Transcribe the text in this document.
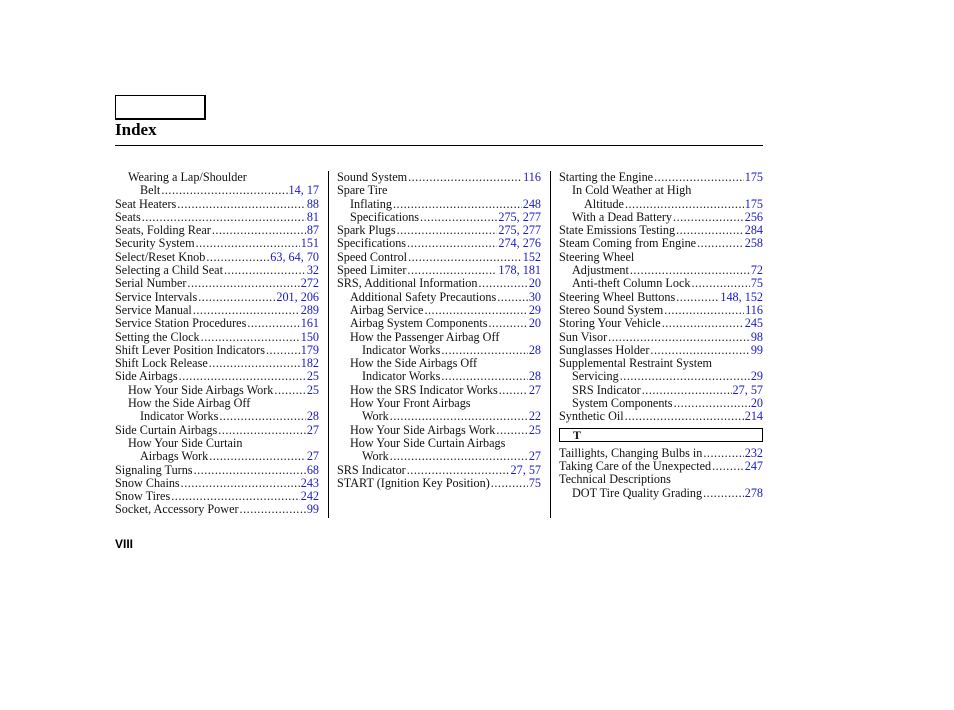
Index
Wearing a Lap/Shoulder
Belt .....	14, 17
Seat Heaters .....	88
Seats .....	81
Seats, Folding Rear .....	87
Security System .....	151
Select/Reset Knob .....	63, 64, 70
Selecting a Child Seat .....	32
Serial Number .....	272
Service Intervals .....	201, 206
Service Manual .....	289
Service Station Procedures .....	161
Setting the Clock .....	150
Shift Lever Position Indicators .....	179
Shift Lock Release .....	182
Side Airbags .....	25
How Your Side Airbags Work .....	25
How the Side Airbag Off
Indicator Works .....	28
Side Curtain Airbags .....	27
How Your Side Curtain
Airbags Work .....	27
Signaling Turns .....	68
Snow Chains .....	243
Snow Tires .....	242
Socket, Accessory Power .....	99
Sound System .....	116
Spare Tire
Inflating .....	248
Specifications .....	275, 277
Spark Plugs .....	275, 277
Specifications .....	274, 276
Speed Control .....	152
Speed Limiter .....	178, 181
SRS, Additional Information .....	20
Additional Safety Precautions .....	30
Airbag Service .....	29
Airbag System Components .....	20
How the Passenger Airbag Off
Indicator Works .....	28
How the Side Airbags Off
Indicator Works .....	28
How the SRS Indicator Works .....	27
How Your Front Airbags
Work .....	22
How Your Side Airbags Work .....	25
How Your Side Curtain Airbags
Work .....	27
SRS Indicator .....	27, 57
START (Ignition Key Position) .....	75
Starting the Engine .....	175
In Cold Weather at High
Altitude .....	175
With a Dead Battery .....	256
State Emissions Testing .....	284
Steam Coming from Engine .....	258
Steering Wheel
Adjustment .....	72
Anti-theft Column Lock .....	75
Steering Wheel Buttons .....	148, 152
Stereo Sound System .....	116
Storing Your Vehicle .....	245
Sun Visor .....	98
Sunglasses Holder .....	99
Supplemental Restraint System
Servicing .....	29
SRS Indicator .....	27, 57
System Components .....	20
Synthetic Oil .....	214
T
Taillights, Changing Bulbs in .....	232
Taking Care of the Unexpected .....	247
Technical Descriptions
DOT Tire Quality Grading .....	278
VIII
